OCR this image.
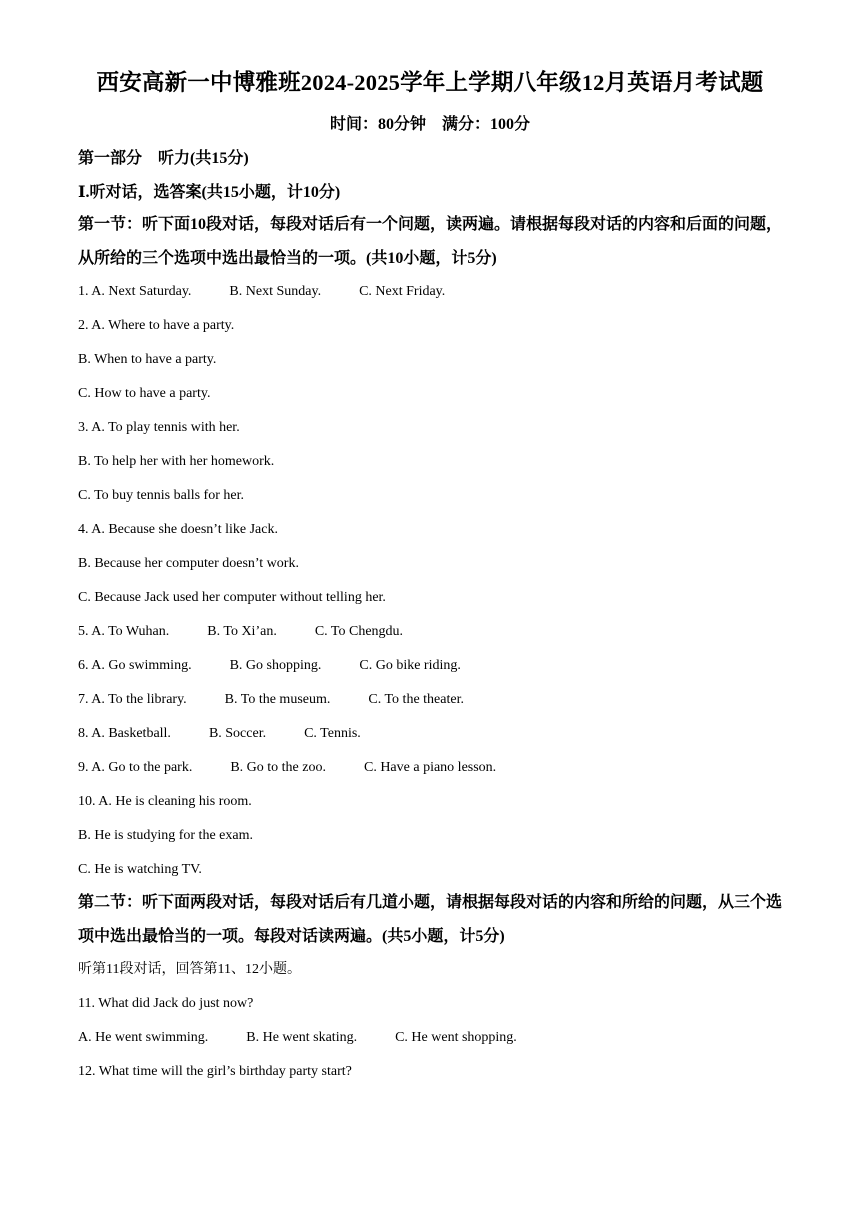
西安高新一中博雅班2024-2025学年上学期八年级12月英语月考试题
时间：80分钟　满分：100分
第一部分　听力(共15分)
Ⅰ.听对话，选答案(共15小题，计10分)
第一节：听下面10段对话，每段对话后有一个问题，读两遍。请根据每段对话的内容和后面的问题，从所给的三个选项中选出最恰当的一项。(共10小题，计5分)
1. A. Next Saturday.	B. Next Sunday.	C. Next Friday.
2. A. Where to have a party.
B. When to have a party.
C. How to have a party.
3. A. To play tennis with her.
B. To help her with her homework.
C. To buy tennis balls for her.
4. A. Because she doesn’t like Jack.
B. Because her computer doesn’t work.
C. Because Jack used her computer without telling her.
5. A. To Wuhan.	B. To Xi’an.	C. To Chengdu.
6. A. Go swimming.	B. Go shopping.	C. Go bike riding.
7. A. To the library.	B. To the museum.	C. To the theater.
8. A. Basketball.	B. Soccer.	C. Tennis.
9. A. Go to the park.	B. Go to the zoo.	C. Have a piano lesson.
10. A. He is cleaning his room.
B. He is studying for the exam.
C. He is watching TV.
第二节：听下面两段对话，每段对话后有几道小题，请根据每段对话的内容和所给的问题，从三个选项中选出最恰当的一项。每段对话读两遍。(共5小题，计5分)
听第11段对话，回答第11、12小题。
11. What did Jack do just now?
A. He went swimming.	B. He went skating.	C. He went shopping.
12. What time will the girl’s birthday party start?
